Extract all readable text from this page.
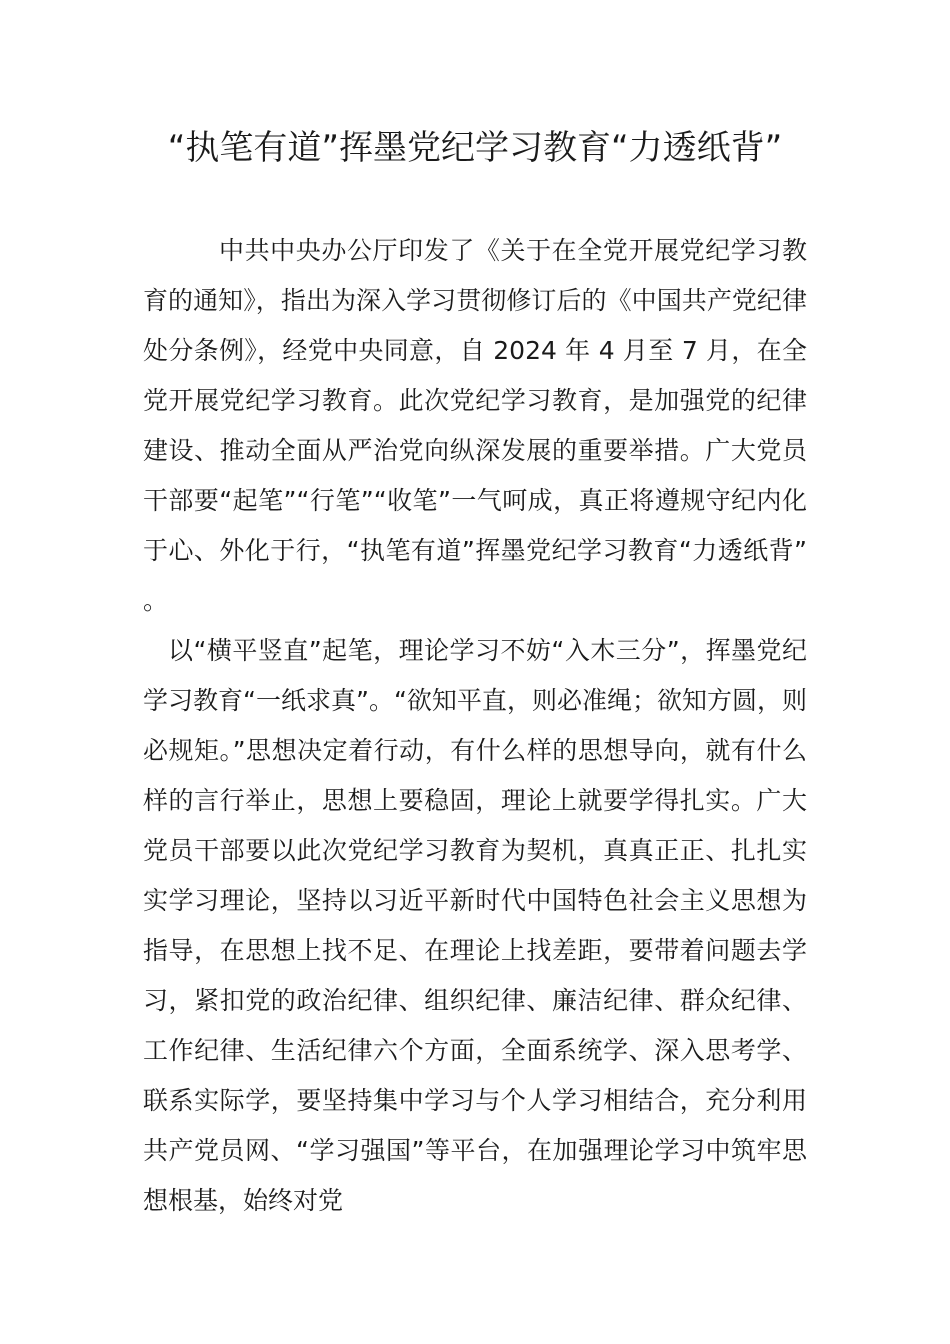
“执笔有道”挥墨党纪学习教育“力透纸背”

中共中央办公厅印发了《关于在全党开展党纪学习教育的通知》，指出为深入学习贯彻修订后的《中国共产党纪律处分条例》，经党中央同意，自 2024 年 4 月至 7 月，在全党开展党纪学习教育。此次党纪学习教育，是加强党的纪律建设、推动全面从严治党向纵深发展的重要举措。广大党员干部要“起笔”“行笔”“收笔”一气呵成，真正将遵规守纪内化于心、外化于行，“执笔有道”挥墨党纪学习教育“力透纸背”。

以“横平竖直”起笔，理论学习不妨“入木三分”，挥墨党纪学习教育“一纸求真”。“欲知平直，则必准绳；欲知方圆，则必规矩。”思想决定着行动，有什么样的思想导向，就有什么样的言行举止，思想上要稳固，理论上就要学得扎实。广大党员干部要以此次党纪学习教育为契机，真真正正、扎扎实实学习理论，坚持以习近平新时代中国特色社会主义思想为指导，在思想上找不足、在理论上找差距，要带着问题去学习，紧扣党的政治纪律、组织纪律、廉洁纪律、群众纪律、工作纪律、生活纪律六个方面，全面系统学、深入思考学、联系实际学，要坚持集中学习与个人学习相结合，充分利用共产党员网、“学习强国”等平台，在加强理论学习中筑牢思想根基，始终对党
